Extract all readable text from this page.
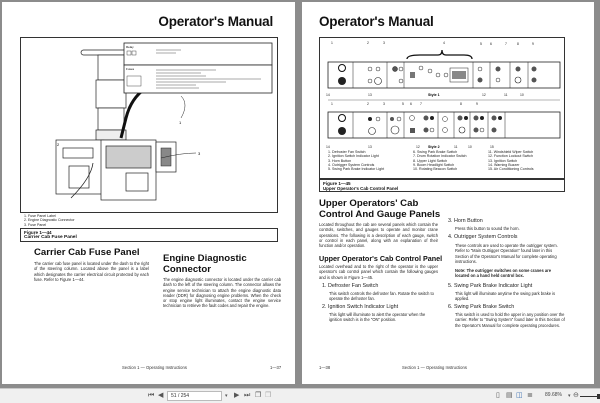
Operator's Manual
Relay
Fuses
1
3
2
1. Fuse Panel Label
2. Engine Diagnostic Connector
3. Fuse Panel
Figure 1—44
Carrier Cab Fuse Panel
Carrier Cab Fuse Panel
The carrier cab fuse panel is located under the dash to the right of the steering column. Located above the panel is a label which designates the carrier electrical circuit protected by each fuse. Refer to Figure 1—44.
Engine Diagnostic
Connector
The engine diagnostic connector is located under the carrier cab dash to the left of the steering column. The connector allows the engine service technician to attach the engine diagnostic data reader (DDR) for diagnosing engine problems. When the check or stop engine light illuminates, contact the engine service technician to retrieve the fault codes and repair the engine.
Section 1 — Operating Instructions	1—37
Operator's Manual
1	2	3	4	5 6	7	8	9
14	13	12	11	10
Style 1
1	2	3	5 6 7	8	9
14	13	12	11	10	15
Style 2
1. Defroster Fan Switch
2. Ignition Switch Indicator Light
3. Horn Button
4. Outrigger System Controls
5. Swing Park Brake Indicator Light
6. Swing Park Brake Switch
7. Drum Rotation Indicator Switch
8. Upper Light Switch
9. Boom Headlight Switch
10. Rotating Beacon Switch
11. Windshield Wiper Switch
12. Function Lockout Switch
13. Ignition Switch
14. Warning Buzzer
15. Air Conditioning Controls
Figure 1—45
Upper Operator's Cab Control Panel
Upper Operators' Cab
Control And Gauge Panels
Located throughout the cab are several panels which contain the controls, switches, and gauges to operate and monitor crane operations. The following is a description of each gauge, switch or control in each panel, along with an explanation of their function and/or operation.
Upper Operator's Cab Control Panel
Located overhead and to the right of the operator is the upper operator's cab control panel which contain the following gauges and is shown in Figure 1—45.
1. Defroster Fan Switch
This switch controls the defroster fan. Rotate the switch to operate the defroster fan.
2. Ignition Switch Indicator Light
This light will illuminate to alert the operator when the ignition switch is in the "ON" position.
3. Horn Button
Press this button to sound the horn.
4. Outrigger System Controls
These controls are used to operate the outrigger system. Refer to "Main Outrigger Operation" found later in this Section of the Operator's Manual for complete operating instructions.
Note: The outrigger switches on some cranes are located on a hand held control box.
5. Swing Park Brake Indicator Light
This light will illuminate anytime the swing park brake is applied.
6. Swing Park Brake Switch
This switch is used to hold the upper in any position over the carrier. Refer to "Swing System" found later in this Section of the Operator's Manual for complete operating procedures.
1—38	Section 1 — Operating Instructions
⏮ ◀	51 / 254	▾ ▶ ⏭ ❐ ❒	▯ ▤ ◫ ≣ 89.68% ▾ ⊖
